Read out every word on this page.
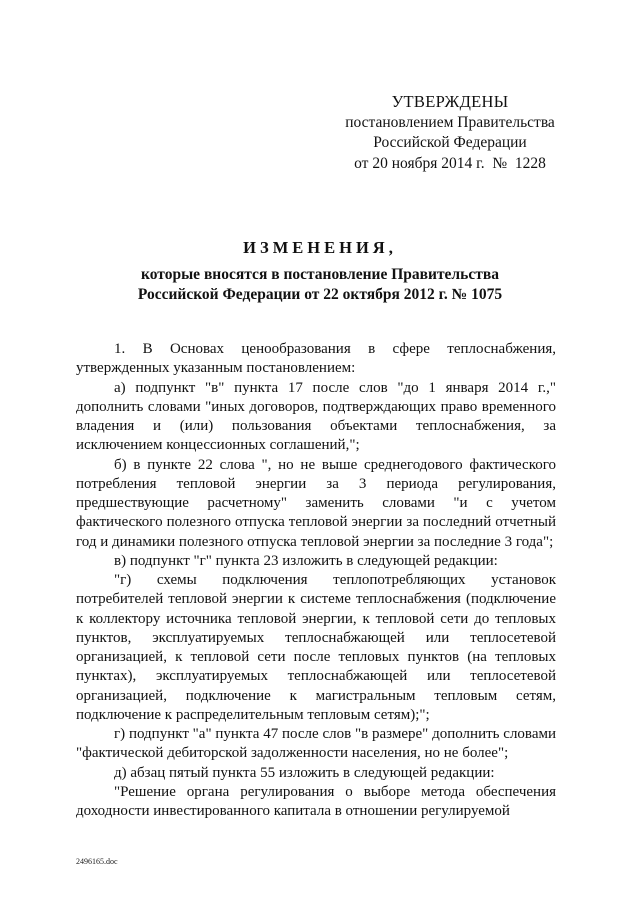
УТВЕРЖДЕНЫ
постановлением Правительства
Российской Федерации
от 20 ноября 2014 г.  №  1228
ИЗМЕНЕНИЯ,
которые вносятся в постановление Правительства
Российской Федерации от 22 октября 2012 г. № 1075

1. В Основах ценообразования в сфере теплоснабжения, утвержденных указанным постановлением:

а) подпункт "в" пункта 17 после слов "до 1 января 2014 г.," дополнить словами "иных договоров, подтверждающих право временного владения и (или) пользования объектами теплоснабжения, за исключением концессионных соглашений,";

б) в пункте 22 слова ", но не выше среднегодового фактического потребления тепловой энергии за 3 периода регулирования, предшествующие расчетному" заменить словами "и с учетом фактического полезного отпуска тепловой энергии за последний отчетный год и динамики полезного отпуска тепловой энергии за последние 3 года";

в) подпункт "г" пункта 23 изложить в следующей редакции:

"г) схемы подключения теплопотребляющих установок потребителей тепловой энергии к системе теплоснабжения (подключение к коллектору источника тепловой энергии, к тепловой сети до тепловых пунктов, эксплуатируемых теплоснабжающей или теплосетевой организацией, к тепловой сети после тепловых пунктов (на тепловых пунктах), эксплуатируемых теплоснабжающей или теплосетевой организацией, подключение к магистральным тепловым сетям, подключение к распределительным тепловым сетям);";

г) подпункт "а" пункта 47 после слов "в размере" дополнить словами "фактической дебиторской задолженности населения, но не более";

д) абзац пятый пункта 55 изложить в следующей редакции:

"Решение органа регулирования о выборе метода обеспечения доходности инвестированного капитала в отношении регулируемой

2496165.doc
